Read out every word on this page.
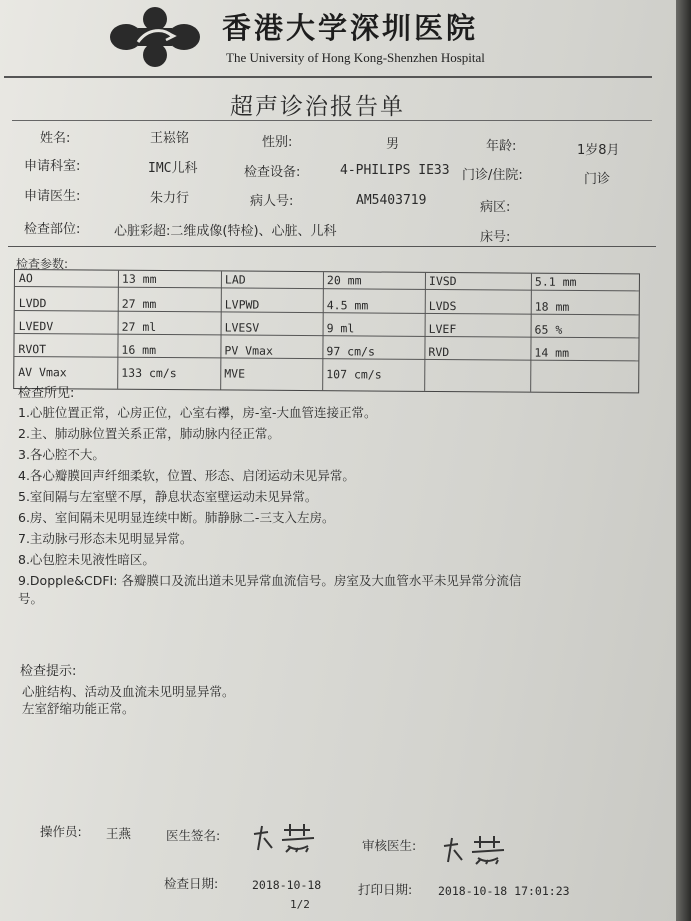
香港大学深圳医院
The University of Hong Kong-Shenzhen Hospital
超声诊治报告单
姓名:	王崧铭	性别:	男	年龄:	1岁8月
申请科室:	IMC儿科	检查设备:	4-PHILIPS IE33 门诊/住院:	门诊
申请医生:	朱力行	病人号:	AM5403719	病区:
检查部位:	心脏彩超:二维成像(特检)、心脏、儿科	床号:
检查参数:
AO	13 mm	LAD	20 mm	IVSD	5.1 mm
LVDD	27 mm	LVPWD	4.5 mm	LVDS	18 mm
LVEDV	27 ml	LVESV	9 ml	LVEF	65 %
RVOT	16 mm	PV Vmax	97 cm/s	RVD	14 mm
AV Vmax	133 cm/s	MVE	107 cm/s
检查所见:
1.心脏位置正常，心房正位，心室右襻，房-室-大血管连接正常。
2.主、肺动脉位置关系正常，肺动脉内径正常。
3.各心腔不大。
4.各心瓣膜回声纤细柔软，位置、形态、启闭运动未见异常。
5.室间隔与左室壁不厚，静息状态室壁运动未见异常。
6.房、室间隔未见明显连续中断。肺静脉二-三支入左房。
7.主动脉弓形态未见明显异常。
8.心包腔未见液性暗区。
9.Dopple&CDFI: 各瓣膜口及流出道未见异常血流信号。房室及大血管水平未见异常分流信
号。
检查提示:
心脏结构、活动及血流未见明显异常。
左室舒缩功能正常。
操作员: 王燕	医生签名:
审核医生:
检查日期:	2018-10-18	打印日期: 2018-10-18 17:01:23
1/2
